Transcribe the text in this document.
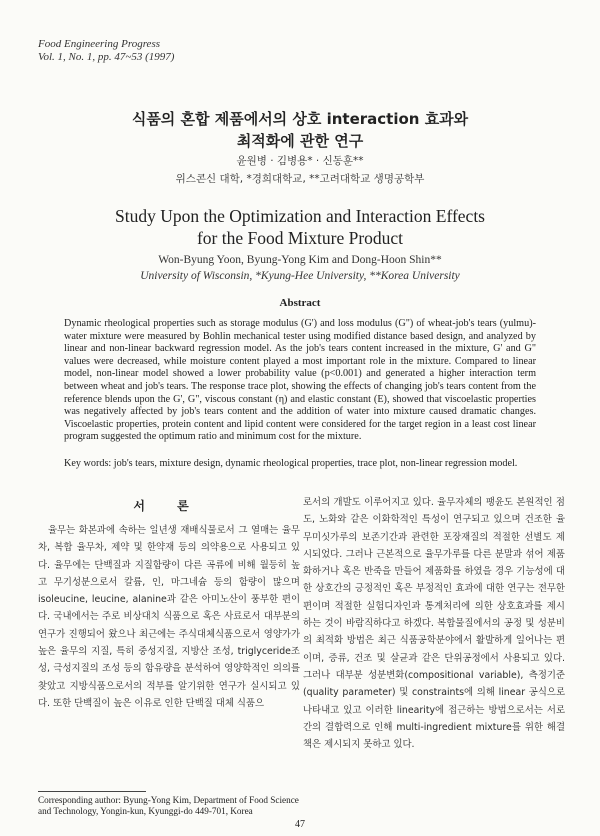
Food Engineering Progress
Vol. 1, No. 1, pp. 47~53 (1997)
식품의 혼합 제품에서의 상호 interaction 효과와
최적화에 관한 연구
윤원병 · 김병용* · 신동훈**
위스콘신 대학, *경희대학교, **고려대학교 생명공학부
Study Upon the Optimization and Interaction Effects
for the Food Mixture Product
Won-Byung Yoon, Byung-Yong Kim and Dong-Hoon Shin**
University of Wisconsin, *Kyung-Hee University, **Korea University
Abstract
Dynamic rheological properties such as storage modulus (G') and loss modulus (G") of wheat-job's tears (yulmu)-water mixture were measured by Bohlin mechanical tester using modified distance based design, and analyzed by linear and non-linear backward regression model. As the job's tears content increased in the mixture, G' and G" values were decreased, while moisture content played a most important role in the mixture. Compared to linear model, non-linear model showed a lower probability value (p<0.001) and generated a higher interaction term between wheat and job's tears. The response trace plot, showing the effects of changing job's tears content from the reference blends upon the G', G", viscous constant (η) and elastic constant (E), showed that viscoelastic properties was negatively affected by job's tears content and the addition of water into mixture caused dramatic changes. Viscoelastic properties, protein content and lipid content were considered for the target region in a least cost linear program suggested the optimum ratio and minimum cost for the mixture.
Key words: job's tears, mixture design, dynamic rheological properties, trace plot, non-linear regression model.
서 론

율무는 화본과에 속하는 일년생 재배식물로서 그 열매는 율무차, 복합 율무차, 제약 및 한약재 등의 의약용으로 사용되고 있다. 율무에는 단백질과 지질함량이 다른 곡류에 비해 월등히 높고 무기성분으로서 칼륨, 인, 마그네슘 등의 함량이 많으며 isoleucine, leucine, alanine과 같은 아미노산이 풍부한 편이다. 국내에서는 주로 비상대치 식품으로 혹은 사료로서 대부분의 연구가 진행되어 왔으나 최근에는 주식대체식품으로서 영양가가 높은 율무의 지질, 특히 중성지질, 지방산 조성, triglyceride조성, 극성지질의 조성 등의 함유량을 분석하여 영양학적인 의의를 찾았고 지방식품으로서의 적부를 알기위한 연구가 실시되고 있다. 또한 단백질이 높은 이유로 인한 단백질 대체 식품으

로서의 개발도 이루어지고 있다. 율무자체의 팽윤도 본원적인 점도, 노화와 같은 이화학적인 특성이 연구되고 있으며 건조한 율무미싯가루의 보존기간과 관련한 포장재질의 적절한 선별도 제시되었다. 그러나 근본적으로 율무가루를 다른 분말과 섞어 제품화하거나 혹은 반죽을 만들어 제품화를 하였을 경우 기능성에 대한 상호간의 긍정적인 혹은 부정적인 효과에 대한 연구는 전무한 편이며 적절한 실험디자인과 통계처리에 의한 상호효과를 제시하는 것이 바람직하다고 하겠다. 복합물질에서의 공정 및 성분비의 최적화 방법은 최근 식품공학분야에서 활발하게 일어나는 편이며, 증류, 건조 및 살균과 같은 단위공정에서 사용되고 있다. 그러나 대부분 성분변화(compositional variable), 측정기준(quality parameter) 및 constraints에 의해 linear 공식으로 나타내고 있고 이러한 linearity에 접근하는 방법으로서는 서로간의 결합력으로 인해 multi-ingredient mixture를 위한 해결책은 제시되지 못하고 있다.

Corresponding author: Byung-Yong Kim, Department of Food Science and Technology, Yongin-kun, Kyunggi-do 449-701, Korea
47
